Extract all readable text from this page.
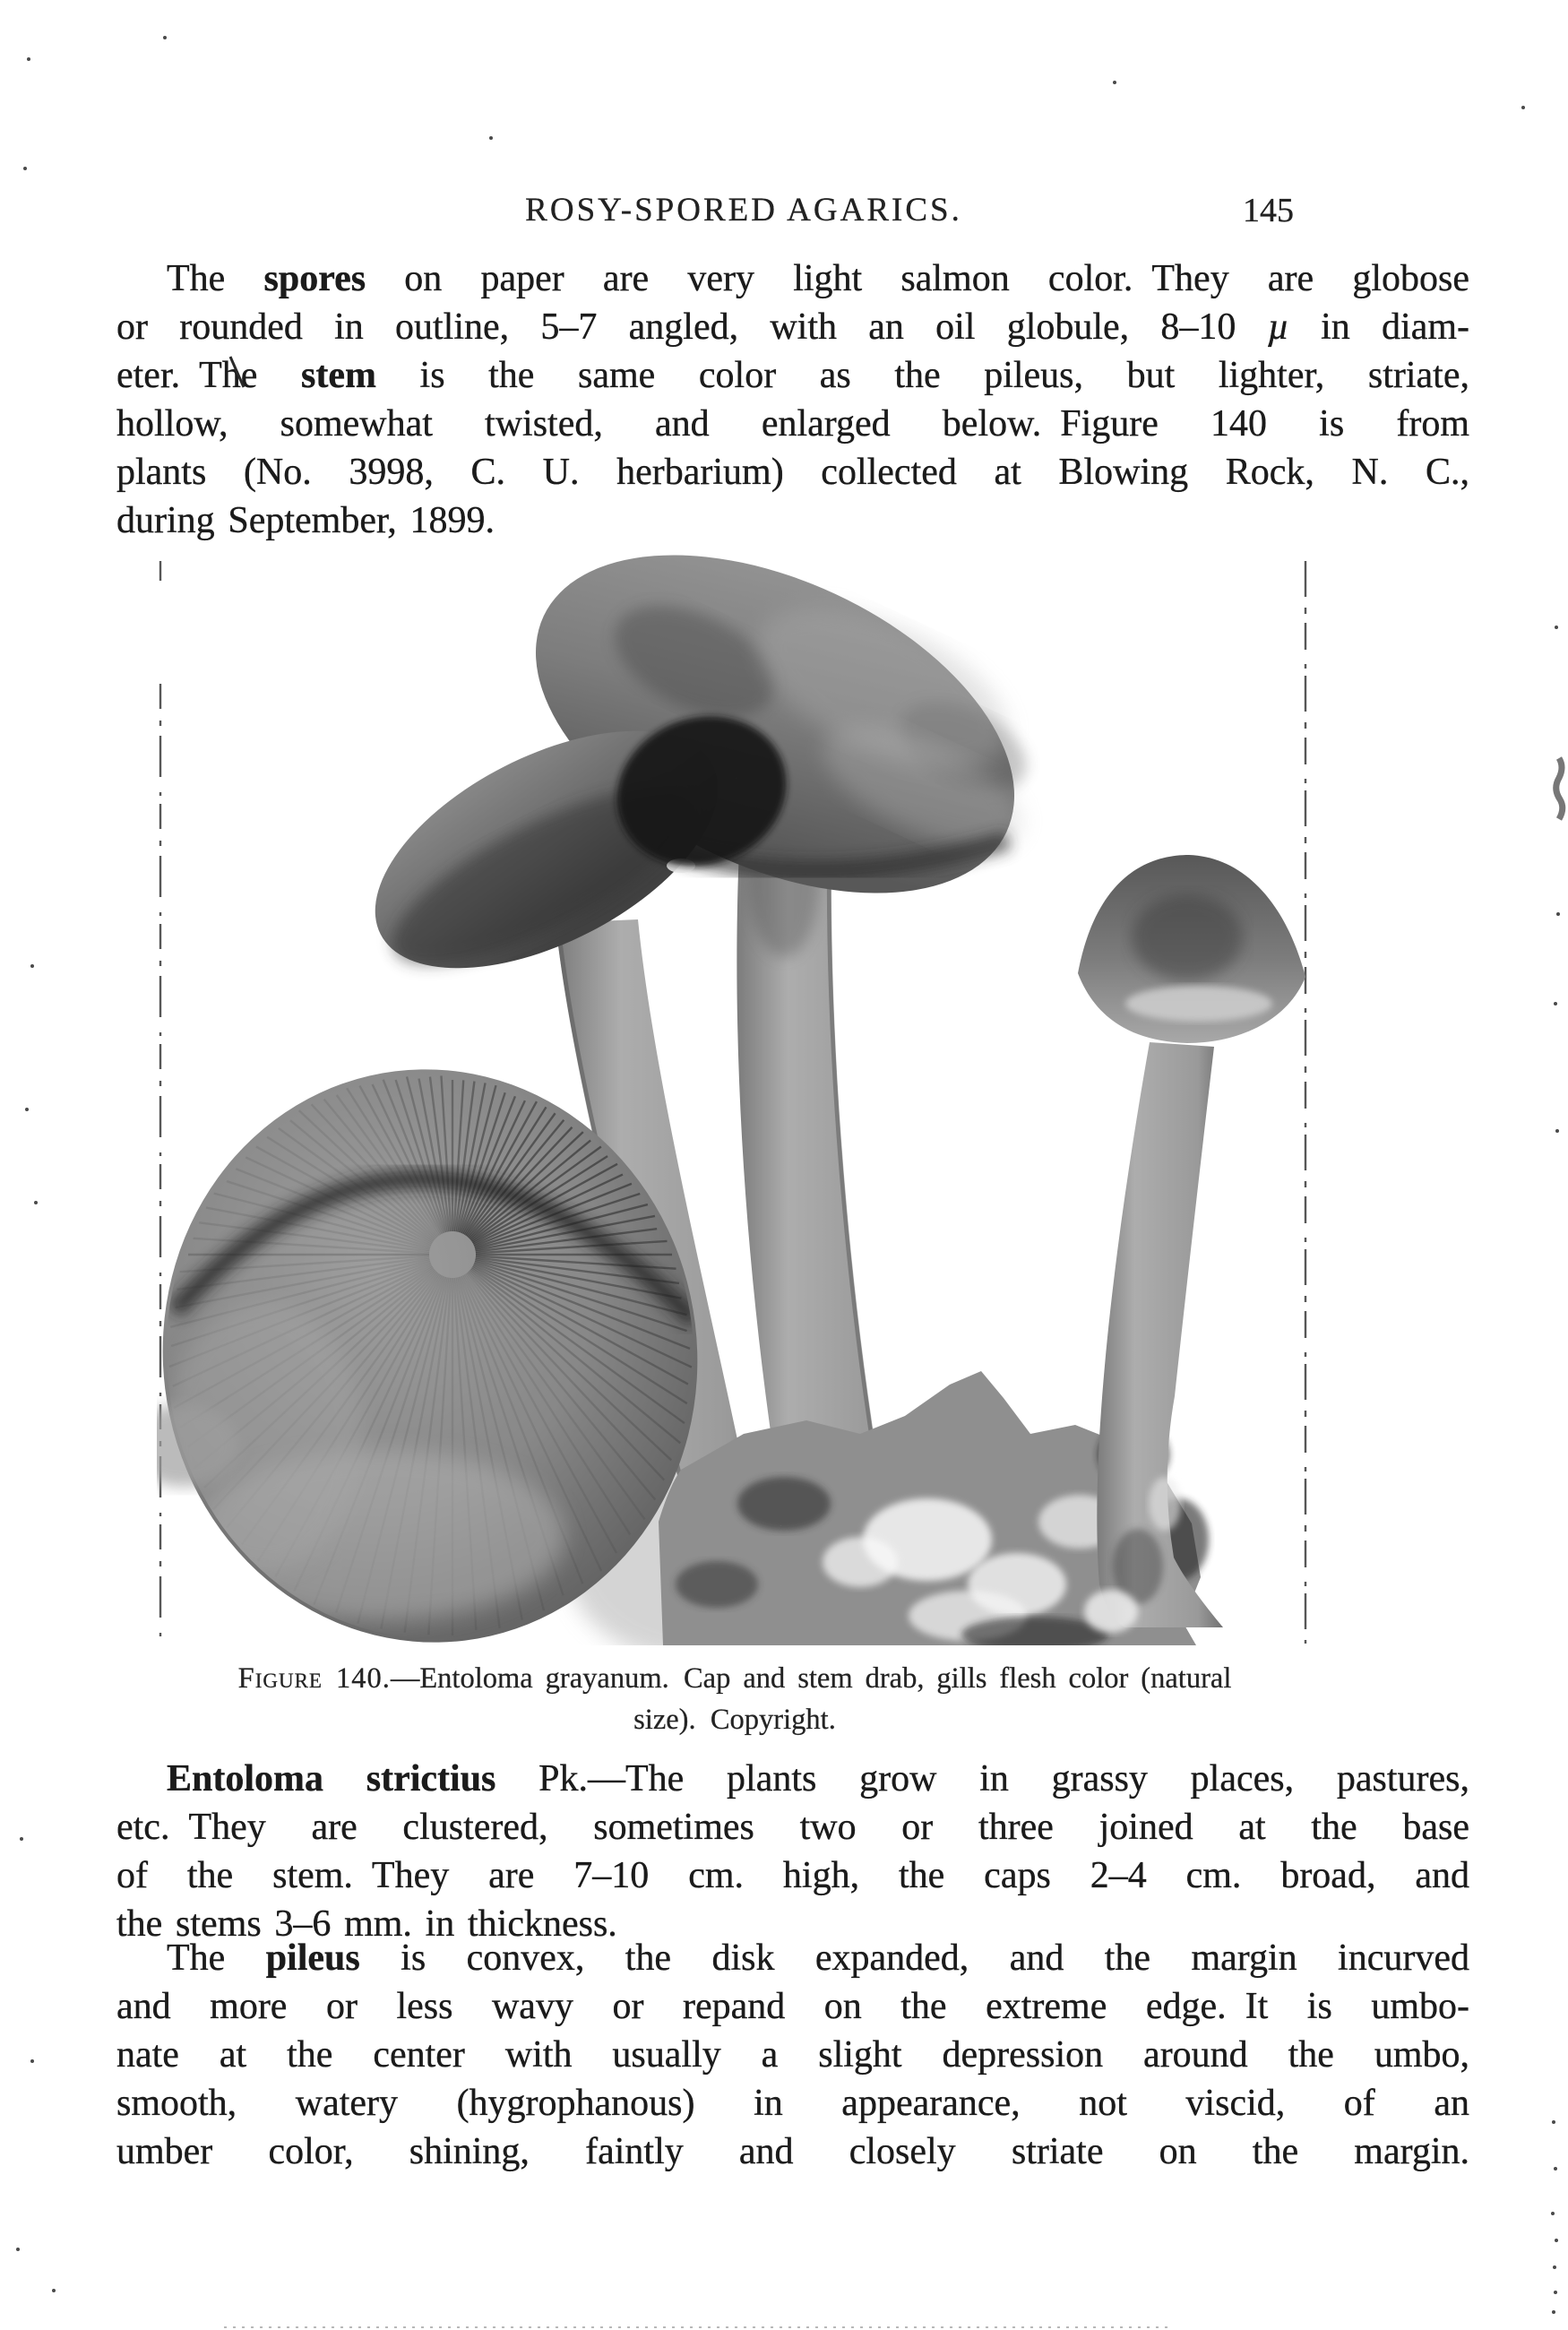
ROSY-SPORED AGARICS.	145
The spores on paper are very light salmon color. They are globose
or rounded in outline, 5–7 angled, with an oil globule, 8–10 µ in diam-
eter. The stem is the same color as the pileus, but lighter, striate,
hollow, somewhat twisted, and enlarged below. Figure 140 is from
plants (No. 3998, C. U. herbarium) collected at Blowing Rock, N. C.,
during September, 1899.
Figure 140.—Entoloma grayanum. Cap and stem drab, gills flesh color (natural
size). Copyright.
Entoloma strictius Pk.—The plants grow in grassy places, pastures,
etc. They are clustered, sometimes two or three joined at the base
of the stem. They are 7–10 cm. high, the caps 2–4 cm. broad, and
the stems 3–6 mm. in thickness.
The pileus is convex, the disk expanded, and the margin incurved
and more or less wavy or repand on the extreme edge. It is umbo-
nate at the center with usually a slight depression around the umbo,
smooth, watery (hygrophanous) in appearance, not viscid, of an
umber color, shining, faintly and closely striate on the margin.
